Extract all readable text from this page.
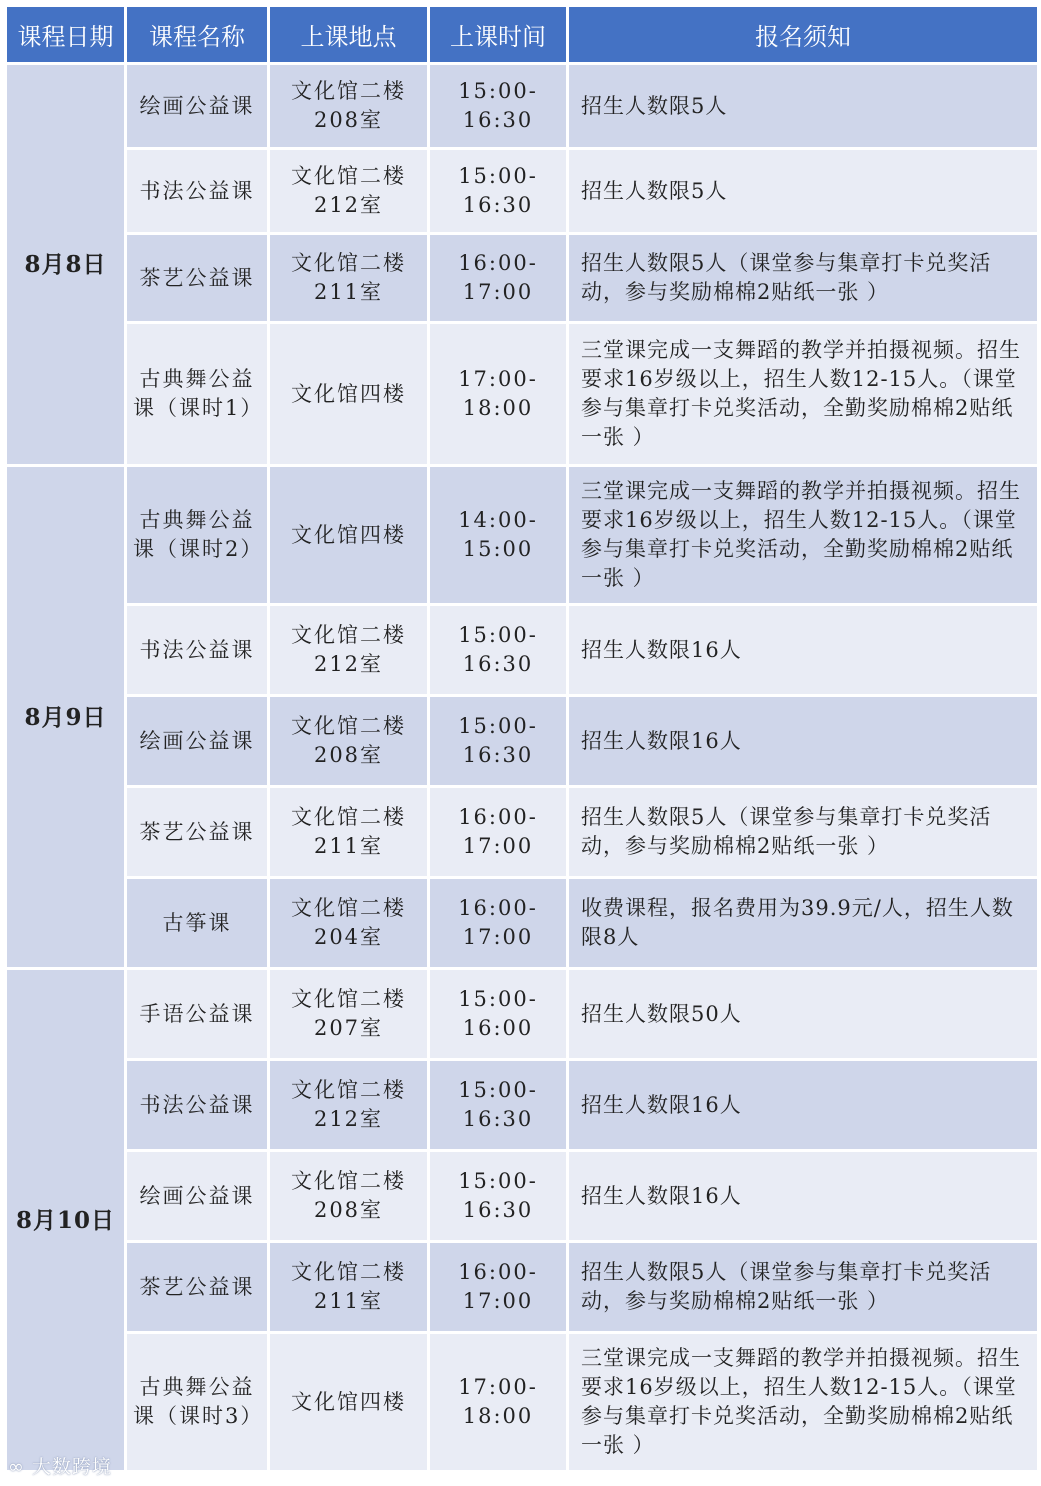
课程日期	课程名称	上课地点	上课时间	报名须知
8月8日	绘画公益课	文化馆二楼208室	15:00-16:30	招生人数限5人
	书法公益课	文化馆二楼212室	15:00-16:30	招生人数限5人
	茶艺公益课	文化馆二楼211室	16:00-17:00	招生人数限5人（课堂参与集章打卡兑奖活动，参与奖励棉棉2贴纸一张 ）
	古典舞公益课（课时1）	文化馆四楼	17:00-18:00	三堂课完成一支舞蹈的教学并拍摄视频。招生要求16岁级以上，招生人数12-15人。（课堂参与集章打卡兑奖活动，全勤奖励棉棉2贴纸一张 ）
8月9日	古典舞公益课（课时2）	文化馆四楼	14:00-15:00	三堂课完成一支舞蹈的教学并拍摄视频。招生要求16岁级以上，招生人数12-15人。（课堂参与集章打卡兑奖活动，全勤奖励棉棉2贴纸一张 ）
	书法公益课	文化馆二楼212室	15:00-16:30	招生人数限16人
	绘画公益课	文化馆二楼208室	15:00-16:30	招生人数限16人
	茶艺公益课	文化馆二楼211室	16:00-17:00	招生人数限5人（课堂参与集章打卡兑奖活动，参与奖励棉棉2贴纸一张 ）
	古筝课	文化馆二楼204室	16:00-17:00	收费课程，报名费用为39.9元/人，招生人数限8人
8月10日	手语公益课	文化馆二楼207室	15:00-16:00	招生人数限50人
	书法公益课	文化馆二楼212室	15:00-16:30	招生人数限16人
	绘画公益课	文化馆二楼208室	15:00-16:30	招生人数限16人
	茶艺公益课	文化馆二楼211室	16:00-17:00	招生人数限5人（课堂参与集章打卡兑奖活动，参与奖励棉棉2贴纸一张 ）
	古典舞公益课（课时3）	文化馆四楼	17:00-18:00	三堂课完成一支舞蹈的教学并拍摄视频。招生要求16岁级以上，招生人数12-15人。（课堂参与集章打卡兑奖活动，全勤奖励棉棉2贴纸一张 ）
∞ 大数跨境
